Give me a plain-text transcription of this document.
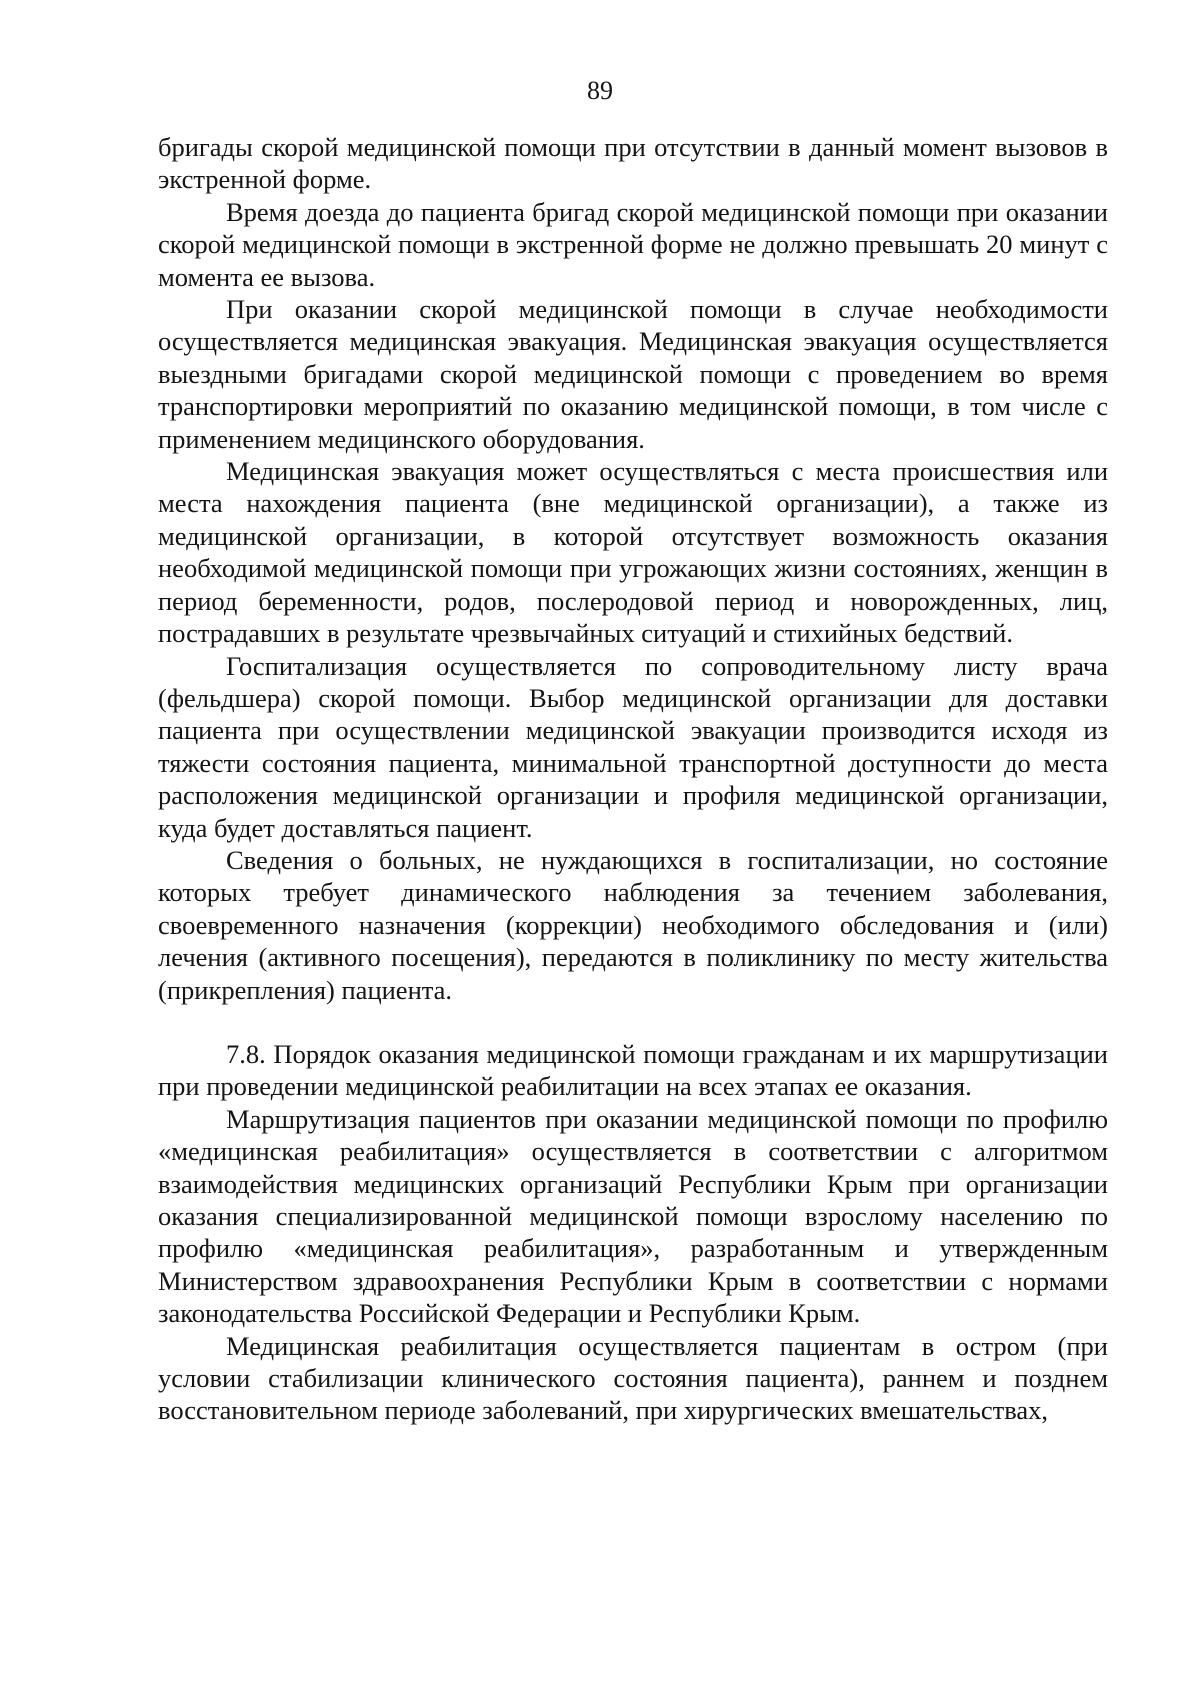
89

бригады скорой медицинской помощи при отсутствии в данный момент вызовов в экстренной форме.

Время доезда до пациента бригад скорой медицинской помощи при оказании скорой медицинской помощи в экстренной форме не должно превышать 20 минут с момента ее вызова.

При оказании скорой медицинской помощи в случае необходимости осуществляется медицинская эвакуация. Медицинская эвакуация осуществляется выездными бригадами скорой медицинской помощи с проведением во время транспортировки мероприятий по оказанию медицинской помощи, в том числе с применением медицинского оборудования.

Медицинская эвакуация может осуществляться с места происшествия или места нахождения пациента (вне медицинской организации), а также из медицинской организации, в которой отсутствует возможность оказания необходимой медицинской помощи при угрожающих жизни состояниях, женщин в период беременности, родов, послеродовой период и новорожденных, лиц, пострадавших в результате чрезвычайных ситуаций и стихийных бедствий.

Госпитализация осуществляется по сопроводительному листу врача (фельдшера) скорой помощи. Выбор медицинской организации для доставки пациента при осуществлении медицинской эвакуации производится исходя из тяжести состояния пациента, минимальной транспортной доступности до места расположения медицинской организации и профиля медицинской организации, куда будет доставляться пациент.

Сведения о больных, не нуждающихся в госпитализации, но состояние которых требует динамического наблюдения за течением заболевания, своевременного назначения (коррекции) необходимого обследования и (или) лечения (активного посещения), передаются в поликлинику по месту жительства (прикрепления) пациента.

7.8. Порядок оказания медицинской помощи гражданам и их маршрутизации при проведении медицинской реабилитации на всех этапах ее оказания.

Маршрутизация пациентов при оказании медицинской помощи по профилю «медицинская реабилитация» осуществляется в соответствии с алгоритмом взаимодействия медицинских организаций Республики Крым при организации оказания специализированной медицинской помощи взрослому населению по профилю «медицинская реабилитация», разработанным и утвержденным Министерством здравоохранения Республики Крым в соответствии с нормами законодательства Российской Федерации и Республики Крым.

Медицинская реабилитация осуществляется пациентам в остром (при условии стабилизации клинического состояния пациента), раннем и позднем восстановительном периоде заболеваний, при хирургических вмешательствах,
